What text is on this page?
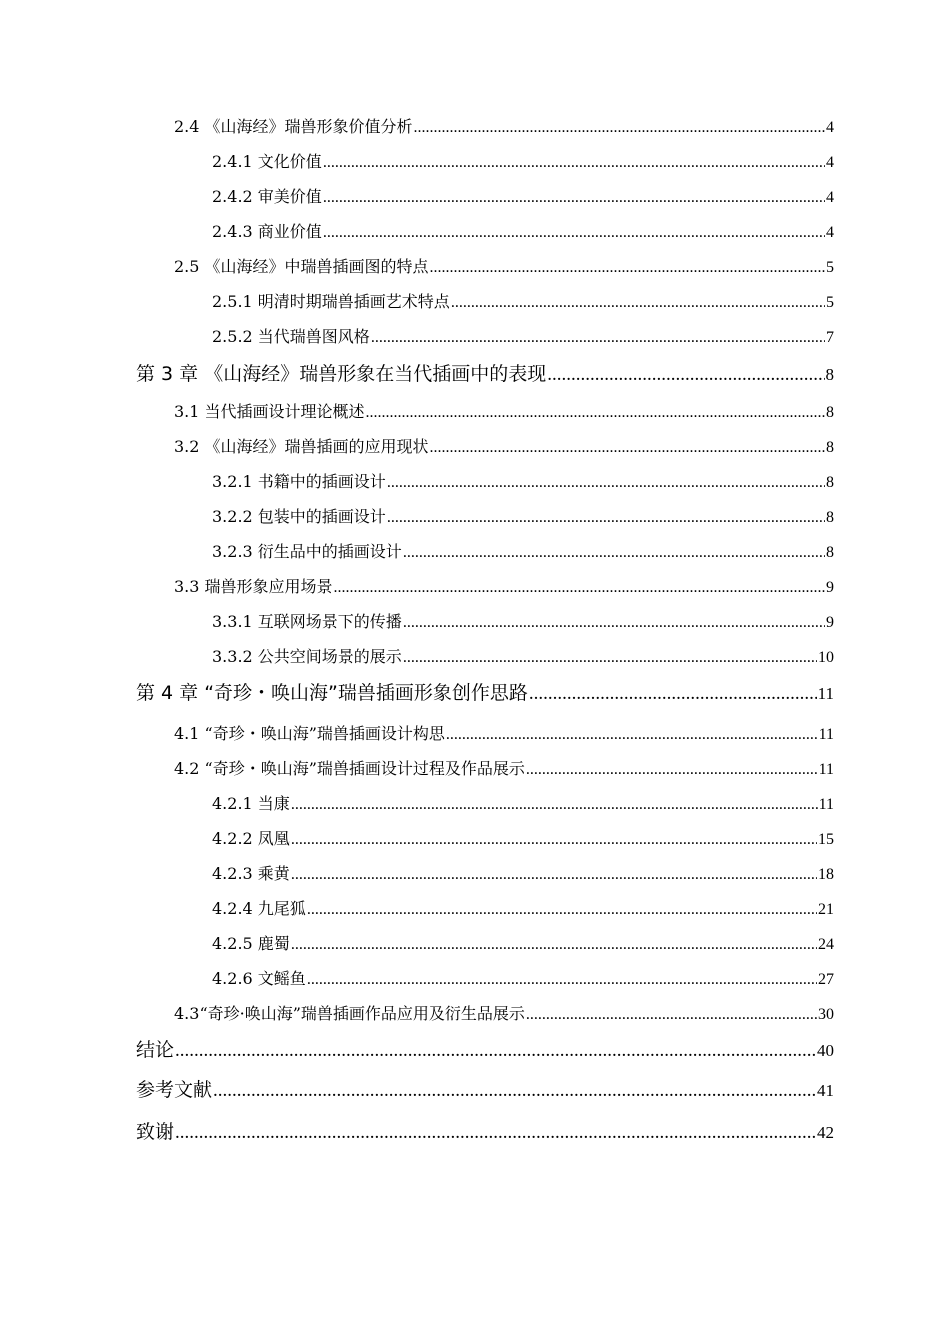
2.4 《山海经》瑞兽形象价值分析 .....	4
2.4.1 文化价值 .....	4
2.4.2 审美价值 .....	4
2.4.3 商业价值 .....	4
2.5 《山海经》中瑞兽插画图的特点 .....	5
2.5.1 明清时期瑞兽插画艺术特点 .....	5
2.5.2 当代瑞兽图风格 .....	7
第 3 章 《山海经》瑞兽形象在当代插画中的表现 .....	8
3.1 当代插画设计理论概述 .....	8
3.2 《山海经》瑞兽插画的应用现状 .....	8
3.2.1 书籍中的插画设计 .....	8
3.2.2 包装中的插画设计 .....	8
3.2.3 衍生品中的插画设计 .....	8
3.3 瑞兽形象应用场景 .....	9
3.3.1 互联网场景下的传播 .....	9
3.3.2 公共空间场景的展示 .....	10
第 4 章 “奇珍・唤山海”瑞兽插画形象创作思路 .....	11
4.1 “奇珍・唤山海”瑞兽插画设计构思 .....	11
4.2 “奇珍・唤山海”瑞兽插画设计过程及作品展示 .....	11
4.2.1 当康 .....	11
4.2.2 凤凰 .....	15
4.2.3 乘黄 .....	18
4.2.4 九尾狐 .....	21
4.2.5 鹿蜀 .....	24
4.2.6 文鳐鱼 .....	27
4.3“奇珍·唤山海”瑞兽插画作品应用及衍生品展示 .....	30
结论 .....	40
参考文献 .....	41
致谢 .....	42
